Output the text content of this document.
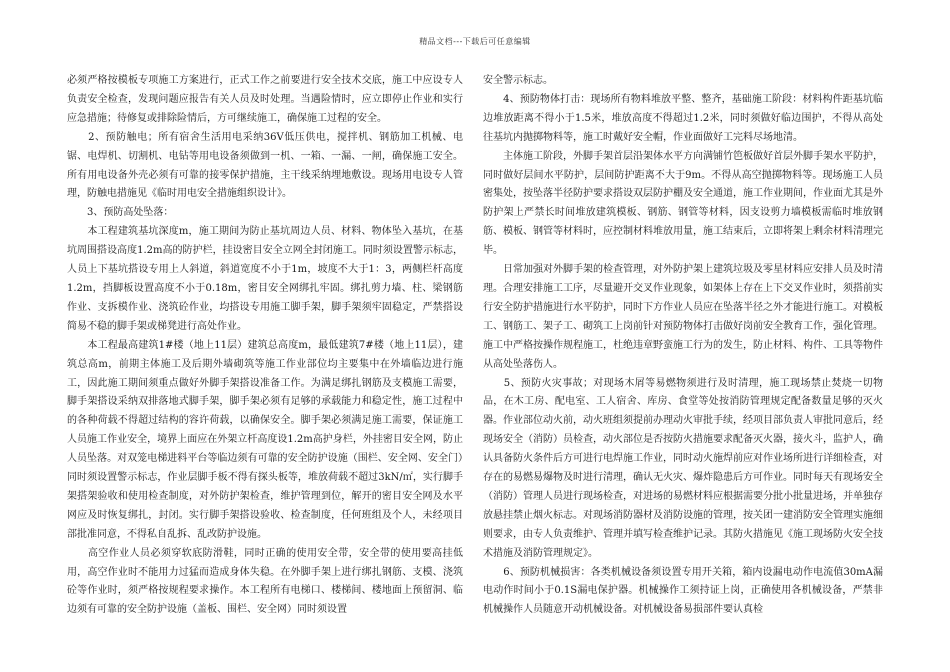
精品文档---下载后可任意编辑

必须严格按模板专项施工方案进行，正式工作之前要进行安全技术交底，施工中应设专人负责安全检查，发现问题应报告有关人员及时处理。当遇险情时，应立即停止作业和实行应急措施；待修复或排除险情后，方可继续施工，确保施工过程的安全。

　　2、预防触电；所有宿舍生活用电采纳36V低压供电，搅拌机、钢筋加工机械、电锯、电焊机、切割机、电钻等用电设备须做到一机、一箱、一漏、一闸，确保施工安全。所有用电设备外壳必须有可靠的接零保护措施，主干线采纳埋地敷设。现场用电设专人管理，防触电措施见《临时用电安全措施组织设计》。

　　3、预防高处坠落：

　　本工程建筑基坑深度m，施工期间为防止基坑周边人员、材料、物体坠入基坑，在基坑周围搭设高度1.2m高的防护栏，挂设密目安全立网全封闭施工。同时须设置警示标志，人员上下基坑搭设专用上人斜道，斜道宽度不小于1m，坡度不大于1：3，两侧栏杆高度1.2m，挡脚板设置高度不小于0.18m，密目安全网绑扎牢固。绑扎剪力墙、柱、梁钢筋作业、支拆模作业、浇筑砼作业，均搭设专用施工脚手架，脚手架须牢固稳定，严禁搭设简易不稳的脚手架或梯凳进行高处作业。

　　本工程最高建筑1#楼（地上11层）建筑总高度m，最低建筑7#楼（地上11层），建筑总高m，前期主体施工及后期外墙砌筑等施工作业部位均主要集中在外墙临边进行施工，因此施工期间须重点做好外脚手架搭设准备工作。为满足绑扎钢筋及支模施工需要，脚手架搭设采纳双排落地式脚手架，脚手架必须有足够的承载能力和稳定性，施工过程中的各种荷载不得超过结构的容许荷载，以确保安全。脚手架必须满足施工需要，保证施工人员施工作业安全，境界上面应在外架立杆高度设1.2m高护身栏，外挂密目安全网，防止人员坠落。对双笼电梯进料平台等临边须有可靠的安全防护设施（围栏、安全网、安全门）同时须设置警示标志，作业层脚手板不得有探头板等，堆放荷载不超过3kN/㎡，实行脚手架搭架验收和使用检查制度，对外防护架检查，维护管理到位，解开的密目安全网及水平网应及时恢复绑扎，封闭。实行脚手架搭设验收、检查制度，任何班组及个人，未经项目部批准同意，不得私自乱拆、乱改防护设施。

　　高空作业人员必须穿软底防滑鞋，同时正确的使用安全带，安全带的使用要高挂低用，高空作业时不能用力过猛而造成身体失稳。在外脚手架上进行绑扎钢筋、支模、浇筑砼等作业时，须严格按规程要求操作。本工程所有电梯口、楼梯间、楼地面上预留洞、临边须有可靠的安全防护设施（盖板、围栏、安全网）同时须设置

安全警示标志。

　　4、预防物体打击：现场所有物料堆放平整、整齐，基础施工阶段：材料构件距基坑临边堆放距离不得小于1.5米，堆放高度不得超过1.2米，同时须做好临边围护，不得从高处往基坑内抛掷物料等，施工时戴好安全帽，作业面做好工完料尽场地清。

　　主体施工阶段，外脚手架首层沿架体水平方向满铺竹笆板做好首层外脚手架水平防护，同时做好层间水平防护，层间防护距离不大于9m。不得从高空抛掷物料等。现场施工人员密集处，按坠落半径防护要求搭设双层防护棚及安全通道，施工作业期间，作业面尤其是外防护架上严禁长时间堆放建筑模板、钢筋、钢管等材料，因支设剪力墙模板需临时堆放钢筋、模板、钢管等材料时，应控制材料堆放用量，施工结束后，立即将架上剩余材料清理完毕。

　　日常加强对外脚手架的检查管理，对外防护架上建筑垃圾及零星材料应安排人员及时清理。合理安排施工工序，尽量避开交叉作业现象，如架体上存在上下交叉作业时，须搭前实行安全防护措施进行水平防护，同时下方作业人员应在坠落半径之外才能进行施工。对模板工、钢筋工、架子工、砌筑工上岗前针对预防物体打击做好岗前安全教育工作，强化管理。施工中严格按操作规程施工，杜绝违章野蛮施工行为的发生，防止材料、构件、工具等物件从高处坠落伤人。

　　5、预防火灾事故；对现场木屑等易燃物须进行及时清理，施工现场禁止焚烧一切物品，在木工房、配电室、工人宿舍、库房、食堂等处按消防管理规定配备数量足够的灭火器。作业部位动火前，动火班组须提前办理动火审批手续，经项目部负责人审批同意后，经现场安全（消防）员检查，动火部位是否按防火措施要求配备灭火器，接火斗，监护人，确认具备防火条件后方可进行电焊施工作业，同时动火施焊前应对作业场所进行详细检查，对存在的易燃易爆物及时进行清理，确认无火灾、爆炸隐患后方可作业。同时每天有现场安全（消防）管理人员进行现场检查，对进场的易燃材料应根据需要分批小批量进场，并单独存放悬挂禁止烟火标志。对现场消防器材及消防设施的管理，按关团一建消防安全管理实施细则要求，由专人负责维护、管理并填写检查维护记录。其防火措施见《施工现场防火安全技术措施及消防管理规定》。

　　6、预防机械损害：各类机械设备须设置专用开关箱，箱内设漏电动作电流值30mA漏电动作时间小于0.1S漏电保护器。机械操作工须持证上岗，正确使用各机械设备，严禁非机械操作人员随意开动机械设备。对机械设备易损部件要认真检
